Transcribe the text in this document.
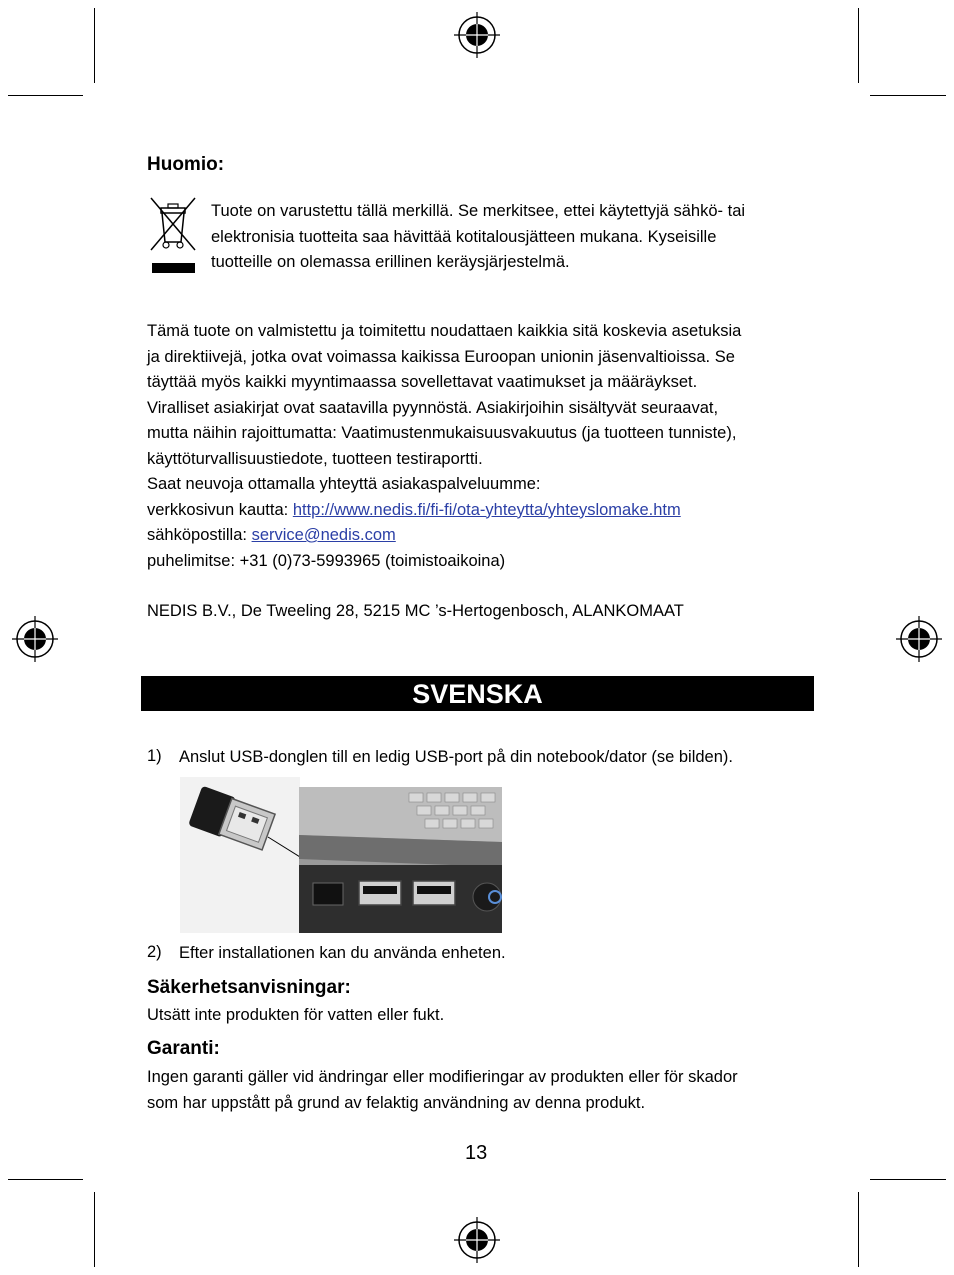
Huomio:
Tuote on varustettu tällä merkillä. Se merkitsee, ettei käytettyjä sähkö- tai
elektronisia tuotteita saa hävittää kotitalousjätteen mukana. Kyseisille
tuotteille on olemassa erillinen keräysjärjestelmä.
Tämä tuote on valmistettu ja toimitettu noudattaen kaikkia sitä koskevia asetuksia
ja direktiivejä, jotka ovat voimassa kaikissa Euroopan unionin jäsenvaltioissa. Se
täyttää myös kaikki myyntimaassa sovellettavat vaatimukset ja määräykset.
Viralliset asiakirjat ovat saatavilla pyynnöstä. Asiakirjoihin sisältyvät seuraavat,
mutta näihin rajoittumatta: Vaatimustenmukaisuusvakuutus (ja tuotteen tunniste),
käyttöturvallisuustiedote, tuotteen testiraportti.
Saat neuvoja ottamalla yhteyttä asiakaspalveluumme:
verkkosivun kautta: http://www.nedis.fi/fi-fi/ota-yhteytta/yhteyslomake.htm
sähköpostilla: service@nedis.com
puhelimitse: +31 (0)73-5993965 (toimistoaikoina)
NEDIS B.V., De Tweeling 28, 5215 MC ’s-Hertogenbosch, ALANKOMAAT
SVENSKA
1) Anslut USB-donglen till en ledig USB-port på din notebook/dator (se bilden).
2) Efter installationen kan du använda enheten.
Säkerhetsanvisningar:
Utsätt inte produkten för vatten eller fukt.
Garanti:
Ingen garanti gäller vid ändringar eller modifieringar av produkten eller för skador
som har uppstått på grund av felaktig användning av denna produkt.
13
